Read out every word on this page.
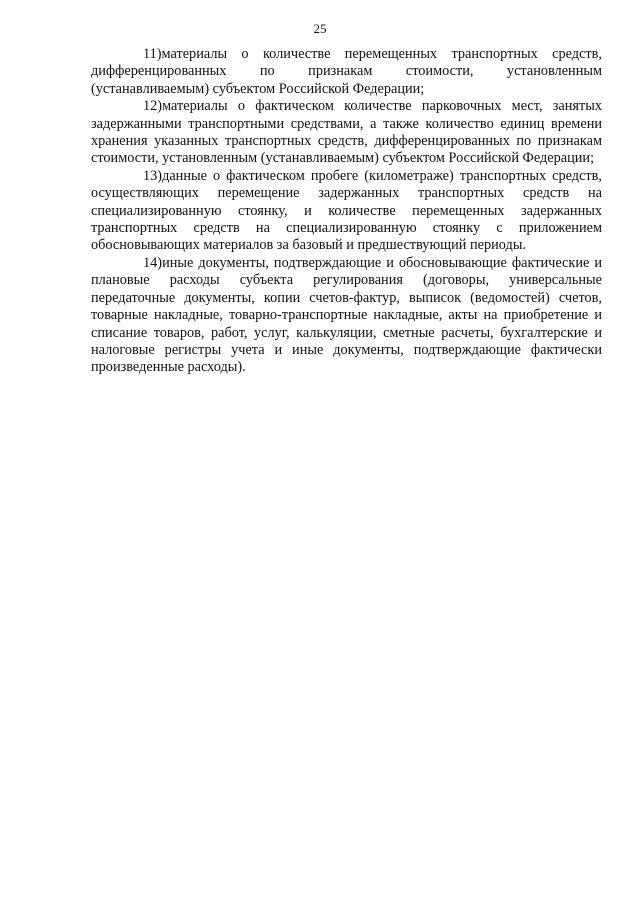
25

11)материалы о количестве перемещенных транспортных средств, дифференцированных по признакам стоимости, установленным (устанавливаемым) субъектом Российской Федерации;

12)материалы о фактическом количестве парковочных мест, занятых задержанными транспортными средствами, а также количество единиц времени хранения указанных транспортных средств, дифференцированных по признакам стоимости, установленным (устанавливаемым) субъектом Российской Федерации;

13)данные о фактическом пробеге (километраже) транспортных средств, осуществляющих перемещение задержанных транспортных средств на специализированную стоянку, и количестве перемещенных задержанных транспортных средств на специализированную стоянку с приложением обосновывающих материалов за базовый и предшествующий периоды.

14)иные документы, подтверждающие и обосновывающие фактические и плановые расходы субъекта регулирования (договоры, универсальные передаточные документы, копии счетов-фактур, выписок (ведомостей) счетов, товарные накладные, товарно-транспортные накладные, акты на приобретение и списание товаров, работ, услуг, калькуляции, сметные расчеты, бухгалтерские и налоговые регистры учета и иные документы, подтверждающие фактически произведенные расходы).
